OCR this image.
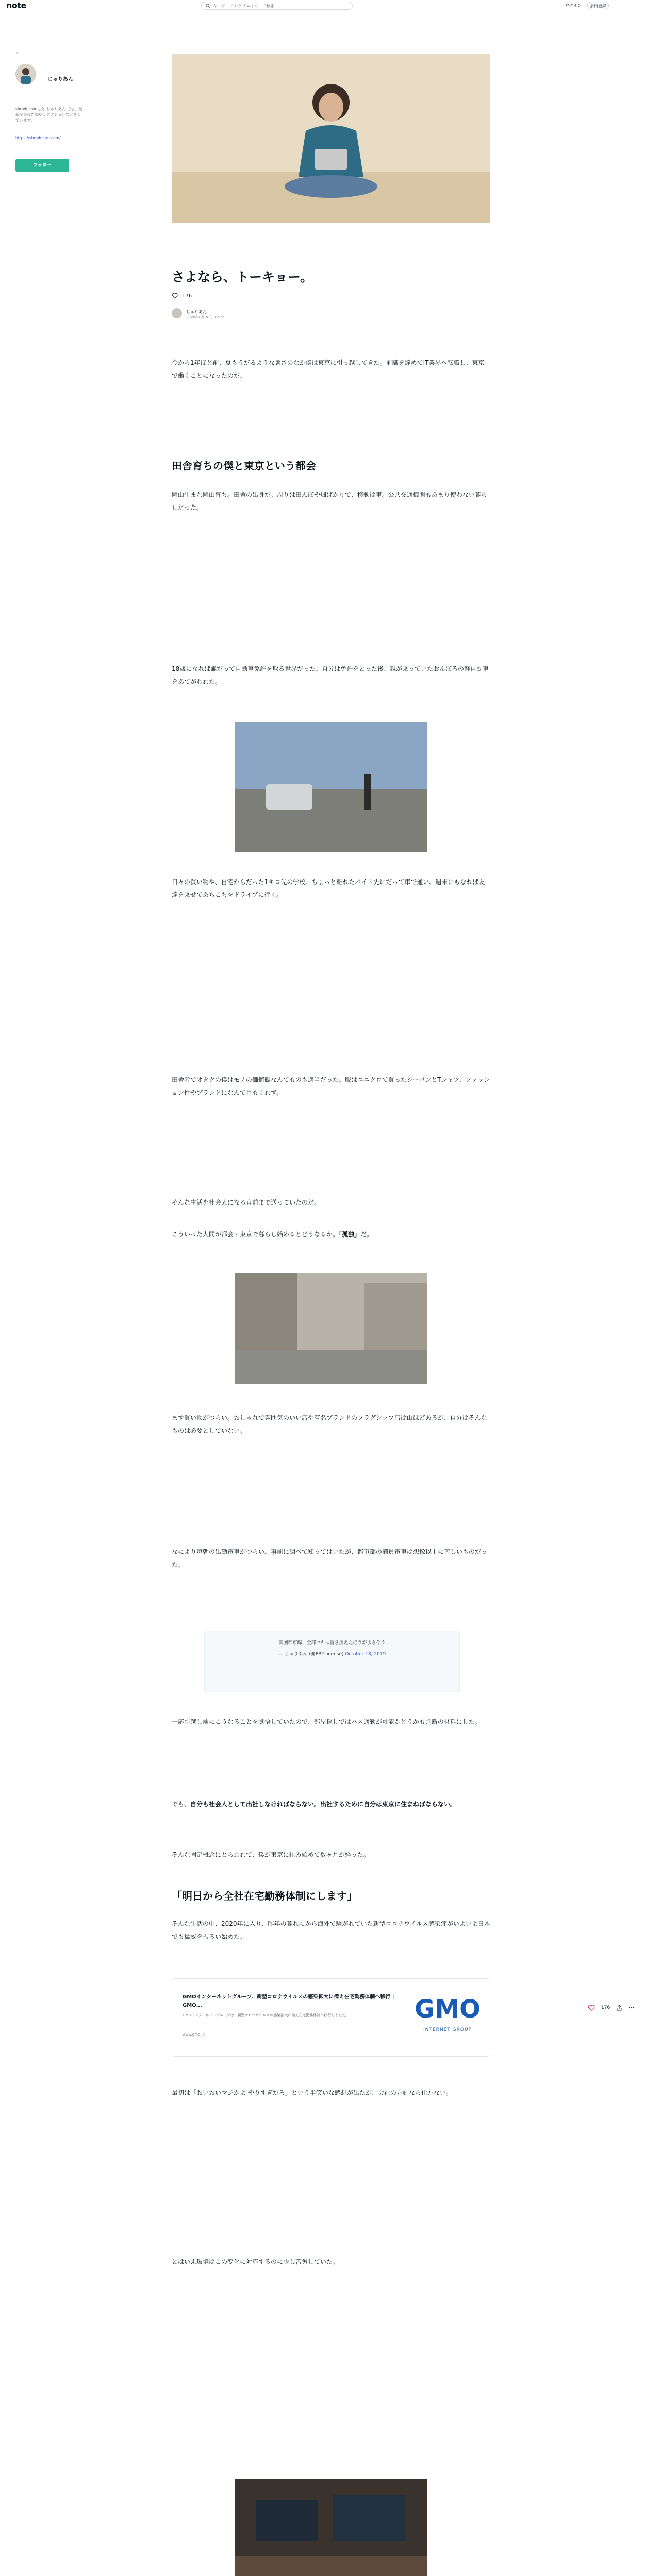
note
キーワードやクリエイターで検索	ログイン	会員登録
←
じゅりあん
shroductor こと じゅりあん です。最新記事の告知やリアクションなどをしています。
https://shroductor.com/
フォロー
さよなら、トーキョー。
176
じゅりあん
2020年8月28日 12:26
今から1年ほど前、夏もうだるような暑さのなか僕は東京に引っ越してきた。前職を辞めてIT業界へ転職し、東京で働くことになったのだ。
田舎育ちの僕と東京という都会
岡山生まれ岡山育ち。田舎の出身だ。周りは田んぼや畑ばかりで、移動は車。公共交通機関もあまり使わない暮らしだった。
18歳になれば誰だって自動車免許を取る世界だった。自分は免許をとった後、親が乗っていたおんぼろの軽自動車をあてがわれた。
日々の買い物や、自宅からだった1キロ先の学校、ちょっと離れたバイト先にだって車で通い、週末にもなれば友達を乗せてあちこちをドライブに行く。
田舎者でオタクの僕はモノの価値観なんてものも適当だった。服はユニクロで買ったジーパンとTシャツ、ファッション性やブランドになんて目もくれず。
そんな生活を社会人になる直前まで送っていたのだ。
こういった人間が都会・東京で暮らし始めるとどうなるか。「孤独」だ。
まず買い物がつらい。おしゃれで雰囲気のいい店や有名ブランドのフラグシップ店は山ほどあるが、自分はそんなものは必要としていない。
なにより毎朝の出勤電車がつらい。事前に調べて知ってはいたが、都市部の満員電車は想像以上に苦しいものだった。
田園都市線、全部コキに置き換えたほうがよさそう
— じゅりあん (@PBTLicense) October 18, 2019
一応引越し前にこうなることを覚悟していたので、部屋探しではバス通勤が可能かどうかも判断の材料にした。
でも、自分も社会人として出社しなければならない。出社するために自分は東京に住まねばならない。
そんな固定概念にとらわれて、僕が東京に住み始めて数ヶ月が経った。
「明日から全社在宅勤務体制にします」
そんな生活の中、2020年に入り、昨年の暮れ頃から海外で騒がれていた新型コロナウイルス感染症がいよいよ日本でも猛威を振るい始めた。
GMOインターネットグループ、新型コロナウイルスの感染拡大に備え在宅勤務体制へ移行 | GMO...
GMOインターネットグループは、新型コロナウイルスの感染拡大に備え在宅勤務体制へ移行しました。
www.gmo.jp
GMO
INTERNET GROUP
176
最初は「おいおいマジかよ やりすぎだろ」という半笑いな感想が出たが、会社の方針なら仕方ない。
とはいえ環境はこの変化に対応するのに少し苦労していた。
